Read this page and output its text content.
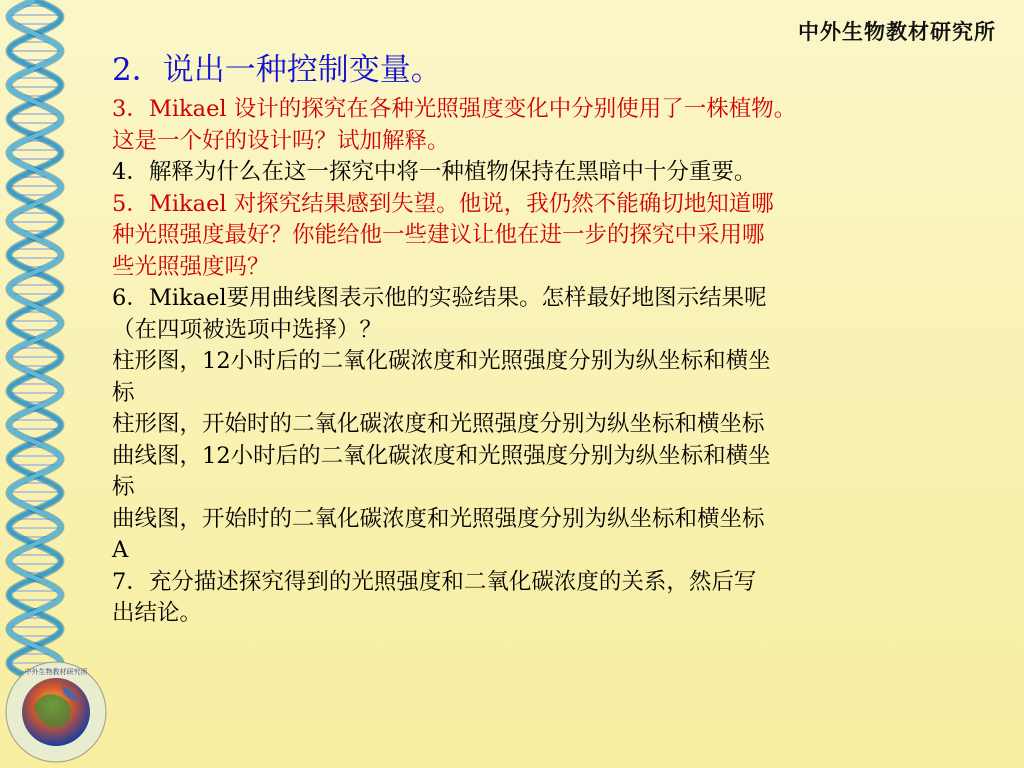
中外生物教材研究所
2．说出一种控制变量。
3．Mikael 设计的探究在各种光照强度变化中分别使用了一株植物。
这是一个好的设计吗？试加解释。
4．解释为什么在这一探究中将一种植物保持在黑暗中十分重要。
5．Mikael 对探究结果感到失望。他说，我仍然不能确切地知道哪
种光照强度最好？你能给他一些建议让他在进一步的探究中采用哪
些光照强度吗？
6．Mikael要用曲线图表示他的实验结果。怎样最好地图示结果呢
（在四项被选项中选择）？
柱形图，12小时后的二氧化碳浓度和光照强度分别为纵坐标和横坐
标
柱形图，开始时的二氧化碳浓度和光照强度分别为纵坐标和横坐标
曲线图，12小时后的二氧化碳浓度和光照强度分别为纵坐标和横坐
标
曲线图，开始时的二氧化碳浓度和光照强度分别为纵坐标和横坐标
A
7．充分描述探究得到的光照强度和二氧化碳浓度的关系，然后写
出结论。
中外生物教材研究所
